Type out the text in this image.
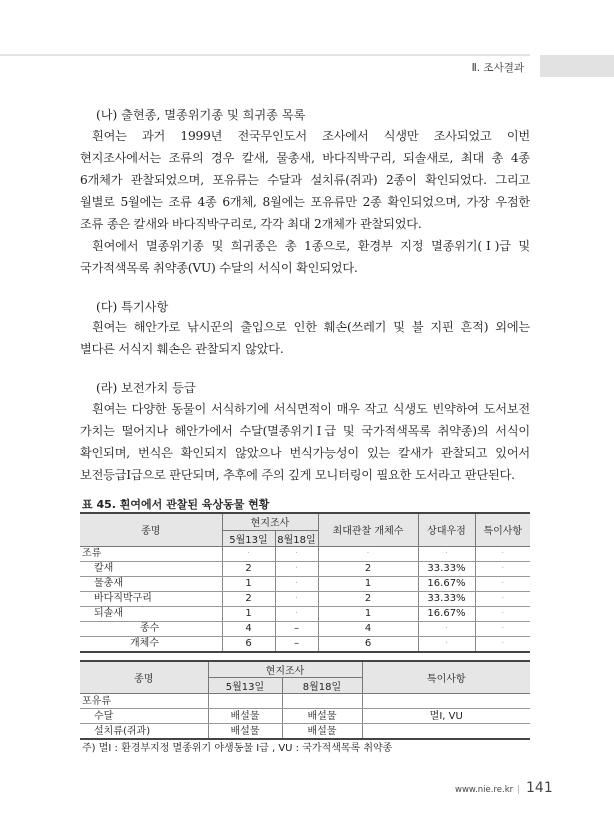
Ⅱ. 조사결과
(나) 출현종, 멸종위기종 및 희귀종 목록
흰여는 과거 1999년 전국무인도서 조사에서 식생만 조사되었고 이번
현지조사에서는 조류의 경우 칼새, 물총새, 바다직박구리, 되솔새로, 최대 총 4종
6개체가 관찰되었으며, 포유류는 수달과 설치류(쥐과) 2종이 확인되었다. 그리고
월별로 5월에는 조류 4종 6개체, 8월에는 포유류만 2종 확인되었으며, 가장 우점한
조류 종은 칼새와 바다직박구리로, 각각 최대 2개체가 관찰되었다.
흰여에서 멸종위기종 및 희귀종은 총 1종으로, 환경부 지정 멸종위기(Ⅰ)급 및
국가적색목록 취약종(VU) 수달의 서식이 확인되었다.
(다) 특기사항
흰여는 해안가로 낚시꾼의 출입으로 인한 훼손(쓰레기 및 불 지핀 흔적) 외에는
별다른 서식지 훼손은 관찰되지 않았다.
(라) 보전가치 등급
흰여는 다양한 동물이 서식하기에 서식면적이 매우 작고 식생도 빈약하여 도서보전
가치는 떨어지나 해안가에서 수달(멸종위기Ⅰ급 및 국가적색목록 취약종)의 서식이
확인되며, 번식은 확인되지 않았으나 번식가능성이 있는 칼새가 관찰되고 있어서
보전등급Ⅰ급으로 판단되며, 추후에 주의 깊게 모니터링이 필요한 도서라고 판단된다.
표 45. 흰여에서 관찰된 육상동물 현황
종명	현지조사		최대관찰 개체수	상대우점	특이사항
	5월13일	8월18일			
조류	·	·	·	·	·
칼새	2	·	2	33.33%	·
물총새	1	·	1	16.67%	·
바다직박구리	2	·	2	33.33%	·
되솔새	1	·	1	16.67%	·
종수	4	–	4	·	·
개체수	6	–	6	·	·
종명	현지조사		특이사항
	5월13일	8월18일	
포유류			
수달	배설물	배설물	멸Ⅰ, VU
설치류(쥐과)	배설물	배설물	
주) 멸Ⅰ : 환경부지정 멸종위기 야생동물 Ⅰ급 , VU : 국가적색목록 취약종
www.nie.re.kr | 141
